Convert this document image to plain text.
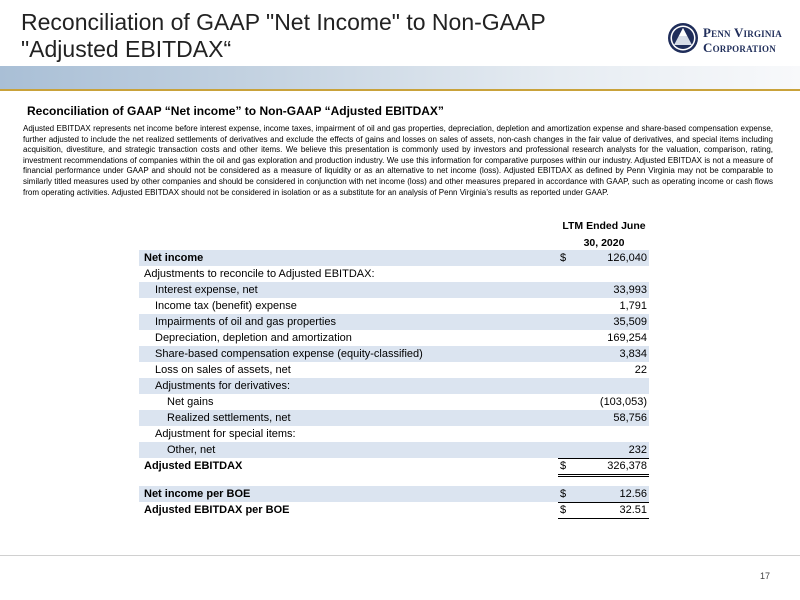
Reconciliation of GAAP "Net Income" to Non-GAAP "Adjusted EBITDAX“
Penn Virginia
Corporation
Reconciliation of GAAP “Net income” to Non-GAAP “Adjusted EBITDAX”
Adjusted EBITDAX represents net income before interest expense, income taxes, impairment of oil and gas properties, depreciation, depletion and amortization expense and share-based compensation expense, further adjusted to include the net realized settlements of derivatives and exclude the effects of gains and losses on sales of assets, non-cash changes in the fair value of derivatives, and special items including acquisition, divestiture, and strategic transaction costs and other items. We believe this presentation is commonly used by investors and professional research analysts for the valuation, comparison, rating, investment recommendations of companies within the oil and gas exploration and production industry. We use this information for comparative purposes within our industry. Adjusted EBITDAX is not a measure of financial performance under GAAP and should not be considered as a measure of liquidity or as an alternative to net income (loss). Adjusted EBITDAX as defined by Penn Virginia may not be comparable to similarly titled measures used by other companies and should be considered in conjunction with net income (loss) and other measures prepared in accordance with GAAP, such as operating income or cash flows from operating activities. Adjusted EBITDAX should not be considered in isolation or as a substitute for an analysis of Penn Virginia’s results as reported under GAAP.
LTM Ended June
30, 2020
Net income	$	126,040
Adjustments to reconcile to Adjusted EBITDAX:
Interest expense, net	33,993
Income tax (benefit) expense	1,791
Impairments of oil and gas properties	35,509
Depreciation, depletion and amortization	169,254
Share-based compensation expense (equity-classified)	3,834
Loss on sales of assets, net	22
Adjustments for derivatives:
Net gains	(103,053)
Realized settlements, net	58,756
Adjustment for special items:
Other, net	232
Adjusted EBITDAX	$	326,378
Net income per BOE	$	12.56
Adjusted EBITDAX per BOE	$	32.51
17
